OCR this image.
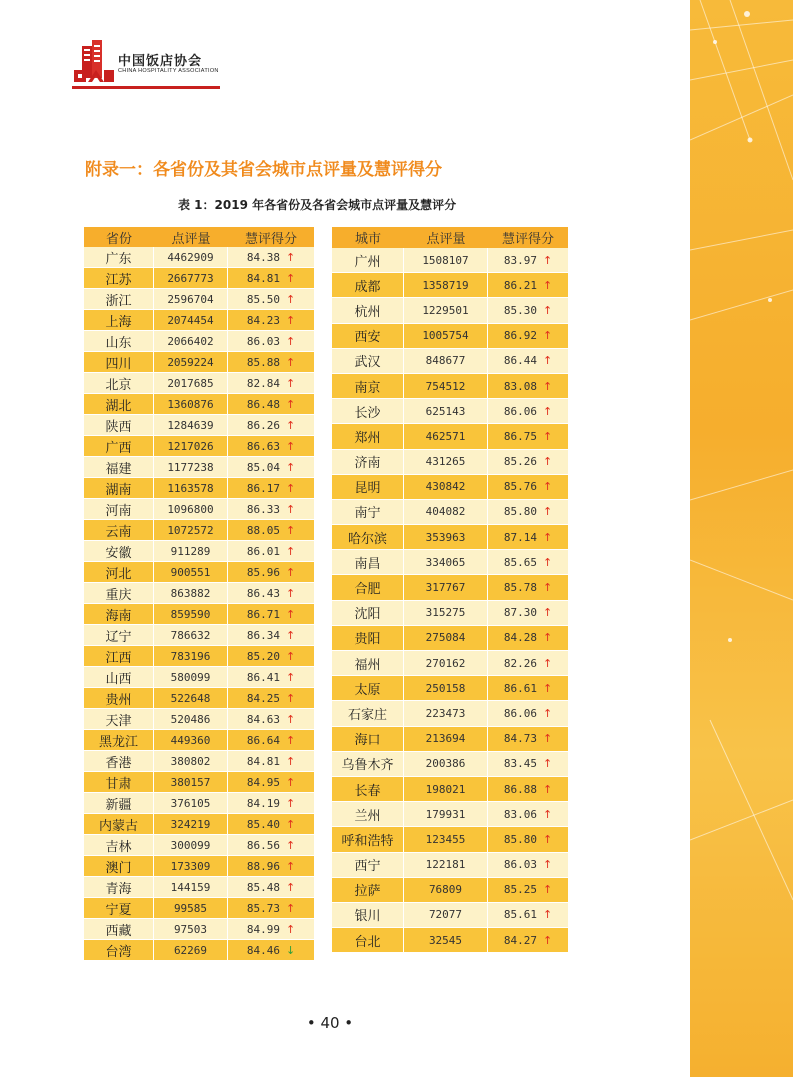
中国饭店协会
CHINA HOSPITALITY ASSOCIATION
附录一：各省份及其省会城市点评量及慧评得分
表 1：2019 年各省份及各省会城市点评量及慧评分
省份	点评量	慧评得分
广东	4462909	84.38 ↑
江苏	2667773	84.81 ↑
浙江	2596704	85.50 ↑
上海	2074454	84.23 ↑
山东	2066402	86.03 ↑
四川	2059224	85.88 ↑
北京	2017685	82.84 ↑
湖北	1360876	86.48 ↑
陕西	1284639	86.26 ↑
广西	1217026	86.63 ↑
福建	1177238	85.04 ↑
湖南	1163578	86.17 ↑
河南	1096800	86.33 ↑
云南	1072572	88.05 ↑
安徽	911289	86.01 ↑
河北	900551	85.96 ↑
重庆	863882	86.43 ↑
海南	859590	86.71 ↑
辽宁	786632	86.34 ↑
江西	783196	85.20 ↑
山西	580099	86.41 ↑
贵州	522648	84.25 ↑
天津	520486	84.63 ↑
黑龙江	449360	86.64 ↑
香港	380802	84.81 ↑
甘肃	380157	84.95 ↑
新疆	376105	84.19 ↑
内蒙古	324219	85.40 ↑
吉林	300099	86.56 ↑
澳门	173309	88.96 ↑
青海	144159	85.48 ↑
宁夏	99585	85.73 ↑
西藏	97503	84.99 ↑
台湾	62269	84.46 ↓
城市	点评量	慧评得分
广州	1508107	83.97 ↑
成都	1358719	86.21 ↑
杭州	1229501	85.30 ↑
西安	1005754	86.92 ↑
武汉	848677	86.44 ↑
南京	754512	83.08 ↑
长沙	625143	86.06 ↑
郑州	462571	86.75 ↑
济南	431265	85.26 ↑
昆明	430842	85.76 ↑
南宁	404082	85.80 ↑
哈尔滨	353963	87.14 ↑
南昌	334065	85.65 ↑
合肥	317767	85.78 ↑
沈阳	315275	87.30 ↑
贵阳	275084	84.28 ↑
福州	270162	82.26 ↑
太原	250158	86.61 ↑
石家庄	223473	86.06 ↑
海口	213694	84.73 ↑
乌鲁木齐	200386	83.45 ↑
长春	198021	86.88 ↑
兰州	179931	83.06 ↑
呼和浩特	123455	85.80 ↑
西宁	122181	86.03 ↑
拉萨	76809	85.25 ↑
银川	72077	85.61 ↑
台北	32545	84.27 ↑
• 40 •
